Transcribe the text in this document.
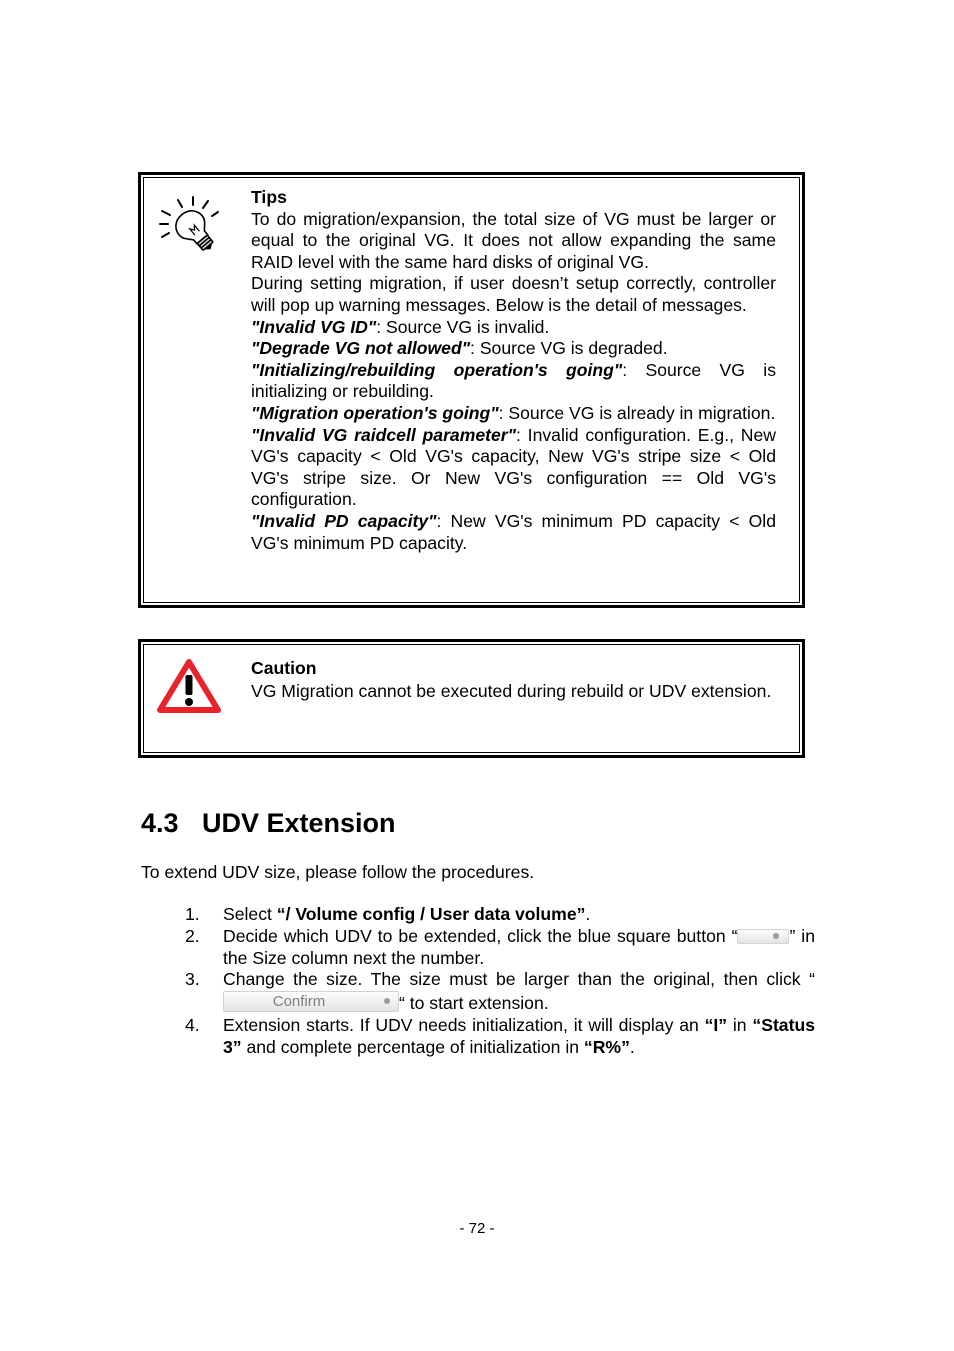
Tips

To do migration/expansion, the total size of VG must be larger or equal to the original VG. It does not allow expanding the same RAID level with the same hard disks of original VG.

During setting migration, if user doesn’t setup correctly, controller will pop up warning messages. Below is the detail of messages.

"Invalid VG ID": Source VG is invalid.

"Degrade VG not allowed": Source VG is degraded.

"Initializing/rebuilding operation's going": Source VG is initializing or rebuilding.

"Migration operation's going": Source VG is already in migration.

"Invalid VG raidcell parameter": Invalid configuration. E.g., New VG's capacity < Old VG's capacity, New VG's stripe size < Old VG's stripe size. Or New VG's configuration == Old VG's configuration.

"Invalid PD capacity": New VG's minimum PD capacity < Old VG's minimum PD capacity.

Caution

VG Migration cannot be executed during rebuild or UDV extension.

4.3 UDV Extension

To extend UDV size, please follow the procedures.

1. Select “/ Volume config / User data volume”.
2. Decide which UDV to be extended, click the blue square button “	” in the Size column next the number.
3. Change the size. The size must be larger than the original, then click “
Confirm	“ to start extension.
4. Extension starts. If UDV needs initialization, it will display an “I” in “Status 3” and complete percentage of initialization in “R%”.

- 72 -
